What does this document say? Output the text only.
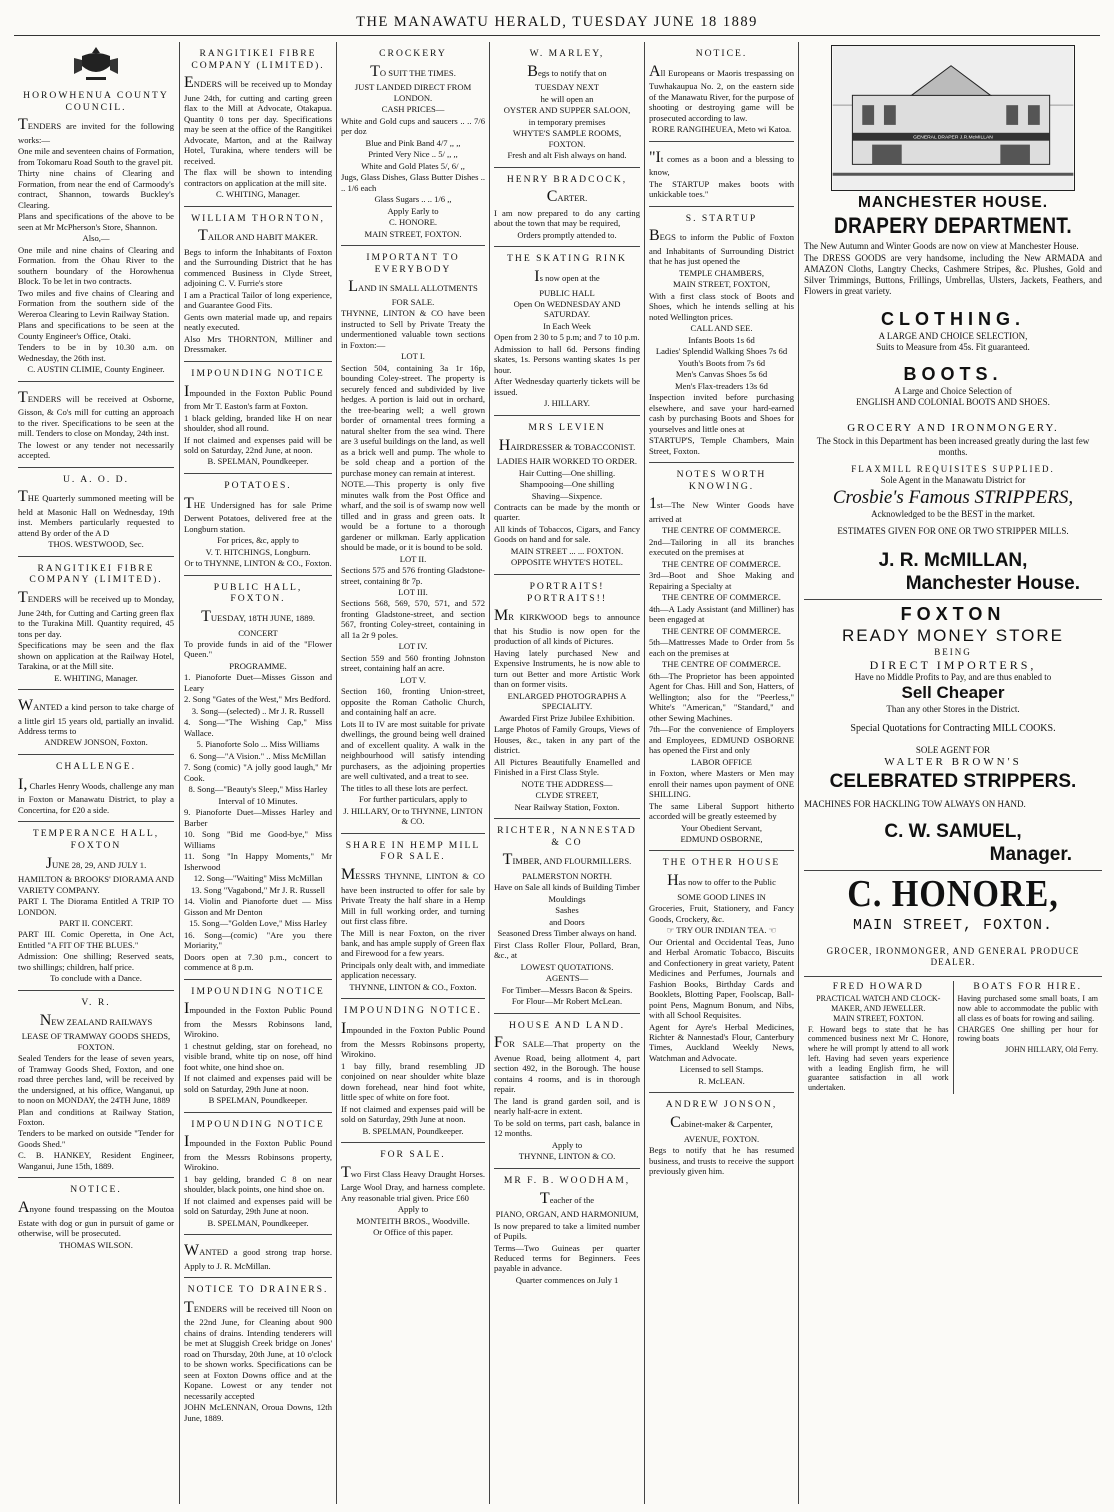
THE MANAWATU HERALD, TUESDAY JUNE 18 1889
HOROWHENUA COUNTY COUNCIL.

TENDERS are invited for the following works:—

One mile and seventeen chains of Formation, from Tokomaru Road South to the gravel pit.

Thirty nine chains of Clearing and Formation, from near the end of Carmoody's contract, Shannon, towards Buckley's Clearing.

Plans and specifications of the above to be seen at Mr McPherson's Store, Shannon.

Also,—

One mile and nine chains of Clearing and Formation. from the Ohau River to the southern boundary of the Horowhenua Block. To be let in two contracts.

Two miles and five chains of Clearing and Formation from the southern side of the Wereroa Clearing to Levin Railway Station.

Plans and specifications to be seen at the County Engineer's Office, Otaki.

Tenders to be in by 10.30 a.m. on Wednesday, the 26th inst.

C. AUSTIN CLIMIE, County Engineer.

TENDERS will be received at Osborne, Gisson, & Co's mill for cutting an approach to the river. Specifications to be seen at the mill. Tenders to close on Monday, 24th inst.

The lowest or any tender not necessarily accepted.

U. A. O. D.

THE Quarterly summoned meeting will be held at Masonic Hall on Wednesday, 19th inst. Members particularly requested to attend By order of the A D

THOS. WESTWOOD, Sec.

RANGITIKEI FIBRE COMPANY (LIMITED).

TENDERS will be received up to Monday, June 24th, for Cutting and Carting green flax to the Turakina Mill. Quantity required, 45 tons per day.

Specifications may be seen and the flax shown on application at the Railway Hotel, Tarakina, or at the Mill site.

E. WHITING, Manager.

WANTED a kind person to take charge of a little girl 15 years old, partially an invalid. Address terms to

ANDREW JONSON, Foxton.

CHALLENGE.

I, Charles Henry Woods, challenge any man in Foxton or Manawatu District, to play a Concertina, for £20 a side.

TEMPERANCE HALL, FOXTON

JUNE 28, 29, AND JULY 1.

HAMILTON & BROOKS' DIORAMA AND VARIETY COMPANY.

PART I. The Diorama Entitled A TRIP TO LONDON.

PART II. CONCERT.

PART III. Comic Operetta, in One Act, Entitled "A FIT OF THE BLUES."

Admission: One shilling; Reserved seats, two shillings; children, half price.

To conclude with a Dance.

V. R.

NEW ZEALAND RAILWAYS

LEASE OF TRAMWAY GOODS SHEDS, FOXTON.

Sealed Tenders for the lease of seven years, of Tramway Goods Shed, Foxton, and one road three perches land, will be received by the undersigned, at his office, Wanganui, up to noon on MONDAY, the 24TH June, 1889

Plan and conditions at Railway Station, Foxton.

Tenders to be marked on outside "Tender for Goods Shed."

C. B. HANKEY, Resident Engineer, Wanganui, June 15th, 1889.

NOTICE.

Anyone found trespassing on the Moutoa Estate with dog or gun in pursuit of game or otherwise, will be prosecuted.

THOMAS WILSON.

RANGITIKEI FIBRE COMPANY (LIMITED).

ENDERS will be received up to Monday June 24th, for cutting and carting green flax to the Mill at Advocate, Otakapua. Quantity 0 tons per day. Specifications may be seen at the office of the Rangitikei Advocate, Marton, and at the Railway Hotel, Turakina, where tenders will be received.

The flax will be shown to intending contractors on application at the mill site.

C. WHITING, Manager.

WILLIAM THORNTON,

TAILOR AND HABIT MAKER.

Begs to inform the Inhabitants of Foxton and the Surrounding District that he has commenced Business in Clyde Street, adjoining C. V. Furrie's store

I am a Practical Tailor of long experience, and Guarantee Good Fits.

Gents own material made up, and repairs neatly executed.

Also Mrs THORNTON, Milliner and Dressmaker.

IMPOUNDING NOTICE

Impounded in the Foxton Public Pound from Mr T. Easton's farm at Foxton.

1 black gelding, branded like H on near shoulder, shod all round.

If not claimed and expenses paid will be sold on Saturday, 22nd June, at noon.

B. SPELMAN, Poundkeeper.

POTATOES.

THE Undersigned has for sale Prime Derwent Potatoes, delivered free at the Longburn station.

For prices, &c, apply to

V. T. HITCHINGS, Longburn.

Or to THYNNE, LINTON & CO., Foxton.

PUBLIC HALL, FOXTON.

TUESDAY, 18TH JUNE, 1889.

CONCERT

To provide funds in aid of the "Flower Queen."

PROGRAMME.

1. Pianoforte Duet—Misses Gisson and Leary

2. Song "Gates of the West," Mrs Bedford.

3. Song—(selected) .. Mr J. R. Russell

4. Song—"The Wishing Cap," Miss Wallace.

5. Pianoforte Solo ... Miss Williams

6. Song—"A Vision." .. Miss McMillan

7. Song (comic) "A jolly good laugh," Mr Cook.

8. Song—"Beauty's Sleep," Miss Harley

Interval of 10 Minutes.

9. Pianoforte Duet—Misses Harley and Barber

10. Song "Bid me Good-bye," Miss Williams

11. Song "In Happy Moments," Mr Isherwood

12. Song—"Waiting" Miss McMillan

13. Song "Vagabond," Mr J. R. Russell

14. Violin and Pianoforte duet — Miss Gisson and Mr Denton

15. Song—"Golden Love," Miss Harley

16. Song—(comic) "Are you there Moriarity,"

Doors open at 7.30 p.m., concert to commence at 8 p.m.

IMPOUNDING NOTICE

Impounded in the Foxton Public Pound from the Messrs Robinsons land, Wirokino.

1 chestnut gelding, star on forehead, no visible brand, white tip on nose, off hind foot white, one hind shoe on.

If not claimed and expenses paid will be sold on Saturday, 29th June at noon.

B SPELMAN, Poundkeeper.

IMPOUNDING NOTICE

Impounded in the Foxton Public Pound from the Messrs Robinsons property, Wirokino.

1 bay gelding, branded C 8 on near shoulder, black points, one hind shoe on.

If not claimed and expenses paid will be sold on Saturday, 29th June at noon.

B. SPELMAN, Poundkeeper.

WANTED a good strong trap horse. Apply to J. R. McMillan.

NOTICE TO DRAINERS.

TENDERS will be received till Noon on the 22nd June, for Cleaning about 900 chains of drains. Intending tenderers will be met at Sluggish Creek bridge on Jones' road on Thursday, 20th June, at 10 o'clock to be shown works. Specifications can be seen at Foxton Downs office and at the Kopane. Lowest or any tender not necessarily accepted

JOHN McLENNAN, Oroua Downs, 12th June, 1889.

CROCKERY

TO SUIT THE TIMES.

JUST LANDED DIRECT FROM LONDON.

CASH PRICES—

White and Gold cups and saucers .. .. 7/6 per doz

Blue and Pink Band 4/7 ,, ,,

Printed Very Nice .. 5/ ,, ,,

White and Gold Plates 5/, 6/ ,,

Jugs, Glass Dishes, Glass Butter Dishes .. .. 1/6 each

Glass Sugars .. .. 1/6 ,,

Apply Early to

C. HONORE.

MAIN STREET, FOXTON.

IMPORTANT TO EVERYBODY

LAND IN SMALL ALLOTMENTS FOR SALE.

THYNNE, LINTON & CO have been instructed to Sell by Private Treaty the undermentioned valuable town sections in Foxton:—

LOT I.

Section 504, containing 3a 1r 16p, bounding Coley-street. The property is securely fenced and subdivided by live hedges. A portion is laid out in orchard, the tree-bearing well; a well grown border of ornamental trees forming a natural shelter from the sea wind. There are 3 useful buildings on the land, as well as a brick well and pump. The whole to be sold cheap and a portion of the purchase money can remain at interest.

NOTE.—This property is only five minutes walk from the Post Office and wharf, and the soil is of swamp now well tilled and in grass and green oats. It would be a fortune to a thorough gardener or milkman. Early application should be made, or it is bound to be sold.

LOT II.

Sections 575 and 576 fronting Gladstone-street, containing 8r 7p.

LOT III.

Sections 568, 569, 570, 571, and 572 fronting Gladstone-street, and section 567, fronting Coley-street, containing in all 1a 2r 9 poles.

LOT IV.

Section 559 and 560 fronting Johnston street, containing half an acre.

LOT V.

Section 160, fronting Union-street, opposite the Roman Catholic Church, and containing half an acre.

Lots II to IV are most suitable for private dwellings, the ground being well drained and of excellent quality. A walk in the neighbourhood will satisfy intending purchasers, as the adjoining properties are well cultivated, and a treat to see.

The titles to all these lots are perfect.

For further particulars, apply to

J. HILLARY, Or to THYNNE, LINTON & CO.

SHARE IN HEMP MILL FOR SALE.

MESSRS THYNNE, LINTON & CO have been instructed to offer for sale by Private Treaty the half share in a Hemp Mill in full working order, and turning out first class fibre.

The Mill is near Foxton, on the river bank, and has ample supply of Green flax and Firewood for a few years.

Principals only dealt with, and immediate application necessary.

THYNNE, LINTON & CO., Foxton.

IMPOUNDING NOTICE.

Impounded in the Foxton Public Pound from the Messrs Robinsons property, Wirokino.

1 bay filly, brand resembling JD conjoined on near shoulder white blaze down forehead, near hind foot white, little spec of white on fore foot.

If not claimed and expenses paid will be sold on Saturday, 29th June at noon.

B. SPELMAN, Poundkeeper.

FOR SALE.

Two First Class Heavy Draught Horses. Large Wool Dray, and harness complete. Any reasonable trial given. Price £60

Apply to

MONTEITH BROS., Woodville.

Or Office of this paper.

W. MARLEY,

Begs to notify that on

TUESDAY NEXT

he will open an

OYSTER AND SUPPER SALOON,

in temporary premises

WHYTE'S SAMPLE ROOMS, FOXTON.

Fresh and alt Fish always on hand.

HENRY BRADCOCK,

CARTER.

I am now prepared to do any carting about the town that may be required,

Orders promptly attended to.

THE SKATING RINK

Is now open at the

PUBLIC HALL

Open On WEDNESDAY AND SATURDAY.

In Each Week

Open from 2 30 to 5 p.m; and 7 to 10 p.m.

Admission to hall 6d. Persons finding skates, 1s. Persons wanting skates 1s per hour.

After Wednesday quarterly tickets will be issued.

J. HILLARY.

MRS LEVIEN

HAIRDRESSER & TOBACCONIST.

LADIES HAIR WORKED TO ORDER.

Hair Cutting—One shilling.

Shampooing—One shilling

Shaving—Sixpence.

Contracts can be made by the month or quarter.

All kinds of Tobaccos, Cigars, and Fancy Goods on hand and for sale.

MAIN STREET ... ... FOXTON.

OPPOSITE WHYTE'S HOTEL.

PORTRAITS! PORTRAITS!!

MR KIRKWOOD begs to announce that his Studio is now open for the production of all kinds of Pictures.

Having lately purchased New and Expensive Instruments, he is now able to turn out Better and more Artistic Work than on former visits.

ENLARGED PHOTOGRAPHS A SPECIALITY.

Awarded First Prize Jubilee Exhibition.

Large Photos of Family Groups, Views of Houses, &c., taken in any part of the district.

All Pictures Beautifully Enamelled and Finished in a First Class Style.

NOTE THE ADDRESS—

CLYDE STREET,

Near Railway Station, Foxton.

RICHTER, NANNESTAD & CO

TIMBER, AND FLOURMILLERS.

PALMERSTON NORTH.

Have on Sale all kinds of Building Timber

Mouldings

Sashes

and Doors

Seasoned Dress Timber always on hand.

First Class Roller Flour, Pollard, Bran, &c., at

LOWEST QUOTATIONS.

AGENTS—

For Timber—Messrs Bacon & Speirs.

For Flour—Mr Robert McLean.

HOUSE AND LAND.

FOR SALE—That property on the Avenue Road, being allotment 4, part section 492, in the Borough. The house contains 4 rooms, and is in thorough repair.

The land is grand garden soil, and is nearly half-acre in extent.

To be sold on terms, part cash, balance in 12 months.

Apply to

THYNNE, LINTON & CO.

MR F. B. WOODHAM,

Teacher of the

PIANO, ORGAN, AND HARMONIUM,

Is now prepared to take a limited number of Pupils.

Terms—Two Guineas per quarter Reduced terms for Beginners. Fees payable in advance.

Quarter commences on July 1

NOTICE.

All Europeans or Maoris trespassing on Tuwhakaupua No. 2, on the eastern side of the Manawatu River, for the purpose of shooting or destroying game will be prosecuted according to law.

RORE RANGIHEUEA, Meto wi Katoa.

"It comes as a boon and a blessing to know,

The STARTUP makes boots with unkickable toes."

S. STARTUP

BEGS to inform the Public of Foxton and Inhabitants of Surrounding District that he has just opened the

TEMPLE CHAMBERS,

MAIN STREET, FOXTON,

With a first class stock of Boots and Shoes, which he intends selling at his noted Wellington prices.

CALL AND SEE.

Infants Boots 1s 6d

Ladies' Splendid Walking Shoes 7s 6d

Youth's Boots from 7s 6d

Men's Canvas Shoes 5s 6d

Men's Flax-treaders 13s 6d

Inspection invited before purchasing elsewhere, and save your hard-earned cash by purchasing Boots and Shoes for yourselves and little ones at

STARTUP'S, Temple Chambers, Main Street, Foxton.

NOTES WORTH KNOWING.

1st—The New Winter Goods have arrived at

THE CENTRE OF COMMERCE.

2nd—Tailoring in all its branches executed on the premises at

THE CENTRE OF COMMERCE.

3rd—Boot and Shoe Making and Repairing a Specialty at

THE CENTRE OF COMMERCE.

4th—A Lady Assistant (and Milliner) has been engaged at

THE CENTRE OF COMMERCE.

5th—Mattresses Made to Order from 5s each on the premises at

THE CENTRE OF COMMERCE.

6th—The Proprietor has been appointed Agent for Chas. Hill and Son, Hatters, of Wellington; also for the "Peerless," White's "American," "Standard," and other Sewing Machines.

7th—For the convenience of Employers and Employees, EDMUND OSBORNE has opened the First and only

LABOR OFFICE

in Foxton, where Masters or Men may enroll their names upon payment of ONE SHILLING.

The same Liberal Support hitherto accorded will be greatly esteemed by

Your Obedient Servant,

EDMUND OSBORNE,

THE OTHER HOUSE

Has now to offer to the Public

SOME GOOD LINES IN

Groceries, Fruit, Stationery, and Fancy Goods, Crockery, &c.

☞ TRY OUR INDIAN TEA. ☜

Our Oriental and Occidental Teas, Juno and Herbal Aromatic Tobacco, Biscuits and Confectionery in great variety, Patent Medicines and Perfumes, Journals and Fashion Books, Birthday Cards and Booklets, Blotting Paper, Foolscap, Ball-point Pens, Magnum Bonum, and Nibs, with all School Requisites.

Agent for Ayre's Herbal Medicines, Richter & Nannestad's Flour, Canterbury Times, Auckland Weekly News, Watchman and Advocate.

Licensed to sell Stamps.

R. McLEAN.

ANDREW JONSON,

Cabinet-maker & Carpenter,

AVENUE, FOXTON.

Begs to notify that he has resumed business, and trusts to receive the support previously given him.

GENERAL DRAPER J.R.McMILLAN
MANCHESTER HOUSE.
DRAPERY DEPARTMENT.

The New Autumn and Winter Goods are now on view at Manchester House.

The DRESS GOODS are very handsome, including the New ARMADA and AMAZON Cloths, Langtry Checks, Cashmere Stripes, &c. Plushes, Gold and Silver Trimmings, Buttons, Frillings, Umbrellas, Ulsters, Jackets, Feathers, and Flowers in great variety.

CLOTHING.
A LARGE AND CHOICE SELECTION,
Suits to Measure from 45s. Fit guaranteed.
BOOTS.
A Large and Choice Selection of
ENGLISH AND COLONIAL BOOTS AND SHOES.
GROCERY AND IRONMONGERY.
The Stock in this Department has been increased greatly during the last few months.
FLAXMILL REQUISITES SUPPLIED.
Sole Agent in the Manawatu District for
Crosbie's Famous STRIPPERS,
Acknowledged to be the BEST in the market.
ESTIMATES GIVEN FOR ONE OR TWO STRIPPER MILLS.
J. R. McMILLAN,
Manchester House.
FOXTON
READY MONEY STORE
BEING
DIRECT IMPORTERS,
Have no Middle Profits to Pay, and are thus enabled to
Sell Cheaper
Than any other Stores in the District.
Special Quotations for Contracting MILL COOKS.
SOLE AGENT FOR
WALTER BROWN'S
CELEBRATED STRIPPERS.
MACHINES FOR HACKLING TOW ALWAYS ON HAND.
C. W. SAMUEL,
Manager.
C. HONORE,
MAIN STREET, FOXTON.
GROCER, IRONMONGER, AND GENERAL PRODUCE DEALER.
FRED HOWARD
PRACTICAL WATCH AND CLOCK-MAKER, AND JEWELLER.
MAIN STREET, FOXTON.

F. Howard begs to state that he has commenced business next Mr C. Honore, where he will prompt ly attend to all work left. Having had seven years experience with a leading English firm, he will guarantee satisfaction in all work undertaken.

BOATS FOR HIRE.

Having purchased some small boats, I am now able to accommodate the public with all class es of boats for rowing and sailing.

CHARGES One shilling per hour for rowing boats

JOHN HILLARY, Old Ferry.
